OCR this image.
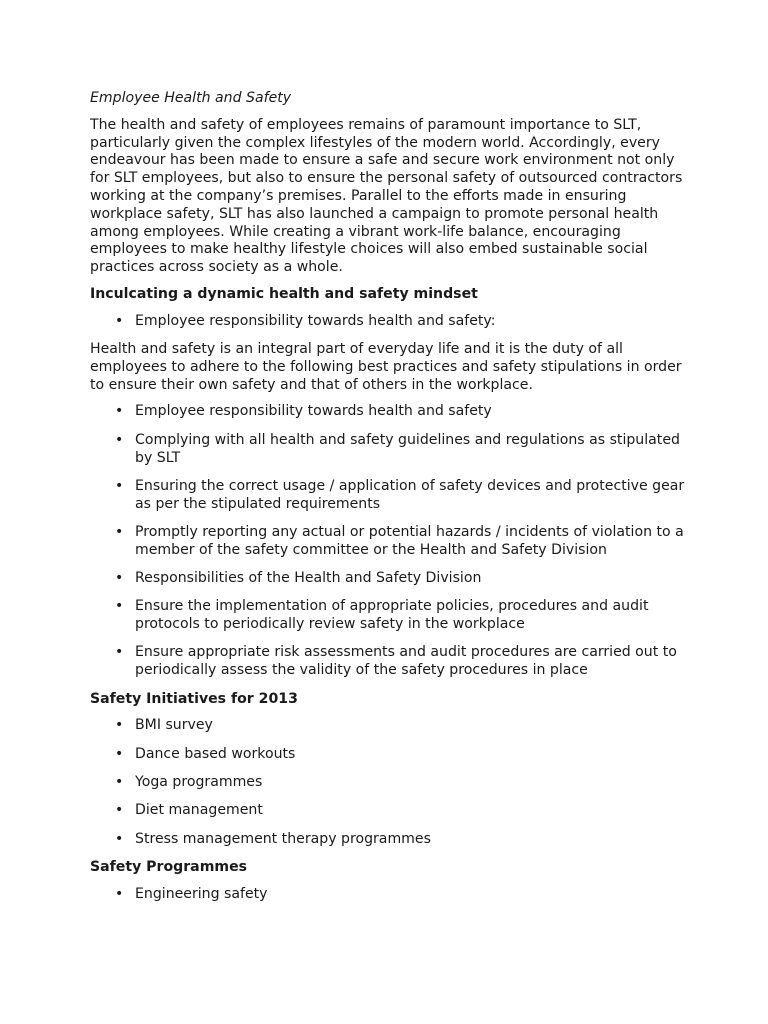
Employee Health and Safety

The health and safety of employees remains of paramount importance to SLT, particularly given the complex lifestyles of the modern world. Accordingly, every endeavour has been made to ensure a safe and secure work environment not only for SLT employees, but also to ensure the personal safety of outsourced contractors working at the company’s premises. Parallel to the efforts made in ensuring workplace safety, SLT has also launched a campaign to promote personal health among employees. While creating a vibrant work-life balance, encouraging employees to make healthy lifestyle choices will also embed sustainable social practices across society as a whole.

Inculcating a dynamic health and safety mindset
• Employee responsibility towards health and safety:

Health and safety is an integral part of everyday life and it is the duty of all employees to adhere to the following best practices and safety stipulations in order to ensure their own safety and that of others in the workplace.

• Employee responsibility towards health and safety
• Complying with all health and safety guidelines and regulations as stipulated by SLT
• Ensuring the correct usage / application of safety devices and protective gear as per the stipulated requirements
• Promptly reporting any actual or potential hazards / incidents of violation to a member of the safety committee or the Health and Safety Division
• Responsibilities of the Health and Safety Division
• Ensure the implementation of appropriate policies, procedures and audit protocols to periodically review safety in the workplace
• Ensure appropriate risk assessments and audit procedures are carried out to periodically assess the validity of the safety procedures in place
Safety Initiatives for 2013
• BMI survey
• Dance based workouts
• Yoga programmes
• Diet management
• Stress management therapy programmes
Safety Programmes
• Engineering safety
